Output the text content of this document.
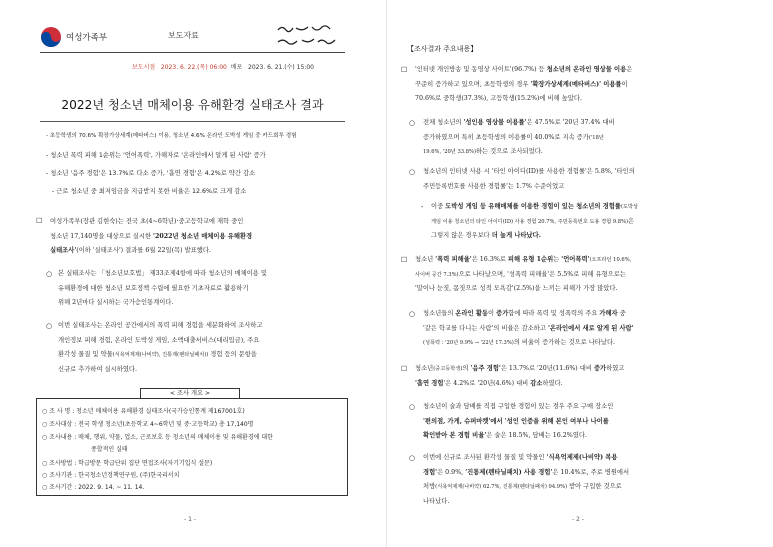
여성가족부	보도자료
보도시점 2023. 6. 22.(목) 06:00 배포 2023. 6. 21.(수) 15:00
2022년 청소년 매체이용 유해환경 실태조사 결과
- 초등학생의 70.6% 확장가상세계(메타버스) 이용, 청소년 4.6% 온라인 도박성 게임 중 카드회투 경험
- 청소년 폭력 피해 1순위는 '언어폭력', 가해자로 '온라인에서 알게 된 사람' 증가
- 청소년 '음주 경험'은 13.7%로 다소 증가, '흡연 경험'은 4.2%로 약간 감소
- 근로 청소년 중 최저임금을 지급받지 못한 비율은 12.6%로 크게 감소
☐ 여성가족부(장관 김현숙)는 전국 초(4~6학년)·중고등학교에 재학 중인
청소년 17,140명을 대상으로 실시한 '2022년 청소년 매체이용 유해환경
실태조사'(이하 '실태조사') 결과를 6월 22일(목) 발표했다.
○ 본 실태조사는 「청소년보호법」 제33조제4항에 따라 청소년의 매체이용 및
유해환경에 대한 청소년 보호정책 수립에 필요한 기초자료로 활용하기
위해 2년마다 실시하는 국가승인통계이다.
○ 이번 실태조사는 온라인 공간에서의 폭력 피해 경험을 세분화하여 조사하고
개인정보 피해 경험, 온라인 도박성 게임, 소액대출서비스(대리입금), 주요
환각성 물질 및 약물(식욕억제제(나비약), 진통제(펜타닐패치)) 경험 등의 문항을
신규로 추가하여 실시하였다.
< 조사 개요 >
○ 조 사 명 : 청소년 매체이용 유해환경 실태조사(국가승인통계 제167001호)
○ 조사대상 : 전국 학생 청소년(초등학교 4~6학년 및 중·고등학교) 총 17,140명
○ 조사내용 : 매체, 행위, 약물, 업소, 근로보호 등 청소년의 매체이용 및 유해환경에 대한
종합적인 실태
○ 조사방법 : 학급방문 학급단위 집단 면접조사(자기기입식 설문)
○ 조사기관 : 한국청소년정책연구원, (주)한국리서치
○ 조사기간 : 2022. 9. 14. ~ 11. 14.
- 1 -
【조사결과 주요내용】
☐ '인터넷 개인방송 및 동영상 사이트'(96.7%) 등 청소년의 온라인 영상물 이용은
꾸준히 증가하고 있으며, 초등학생의 경우 '확장가상세계(메타버스)' 이용률이
70.6%로 중학생(37.3%), 고등학생(15.2%)에 비해 높았다.
○ 전체 청소년의 '성인용 영상물 이용률'은 47.5%로 '20년 37.4% 대비
증가하였으며 특히 초등학생의 이용률이 40.0%로 지속 증가('18년
19.6%, '20년 33.8%)하는 것으로 조사되었다.
○ 청소년의 인터넷 사용 시 '타인 아이디(ID)를 사용한 경험률'은 5.8%, '타인의
주민등록번호를 사용한 경험률'는 1.7% 수준이었고
- 이중 도박성 게임 등 유해매체를 이용한 경험이 있는 청소년의 경험률(도박성
게임 이용 청소년의 타인 아이디(ID) 사용 경험 20.7%, 주민등록번호 도용 경험 9.8%)은
그렇지 않은 경우보다 더 높게 나타났다.
☐ 청소년 '폭력 피해율'은 16.3%로 피해 유형 1순위는 '언어폭력'(오프라인 10.6%,
사이버 공간 7.3%)으로 나타났으며, '성폭력 피해율'은 5.5%로 피해 유형으로는
'말이나 눈짓, 몸짓으로 성적 모욕감'(2.5%)을 느끼는 피해가 가장 많았다.
○ 청소년들의 온라인 활동이 증가함에 따라 폭력 및 성폭력의 주요 가해자 중
'같은 학교를 다니는 사람'의 비율은 감소하고 '온라인에서 새로 알게 된 사람'
(성폭력 : '20년 9.9% → '22년 17.3%)의 비율이 증가하는 것으로 나타났다.
☐ 청소년(중고등학생)의 '음주 경험'은 13.7%로 '20년(11.6%) 대비 증가하였고
'흡연 경험'은 4.2%로 '20년(4.6%) 대비 감소하였다.
○ 청소년이 술과 담배를 직접 구입한 경험이 있는 경우 주요 구매 장소인
'편의점, 가게, 슈퍼마켓'에서 '성인 인증을 위해 본인 여부나 나이를
확인받아 본 경험 비율'은 술은 18.5%, 담배는 16.2%였다.
○ 이번에 신규로 조사된 환각성 물질 및 약물인 '식욕억제제(나비약) 복용
경험'은 0.9%, '진통제(펜타닐패치) 사용 경험'은 10.4%로, 주로 병원에서
처방(식욕억제제(나비약) 62.7%, 진통제(펜타닐패치) 94.9%) 받아 구입한 것으로
나타났다.
- 2 -
